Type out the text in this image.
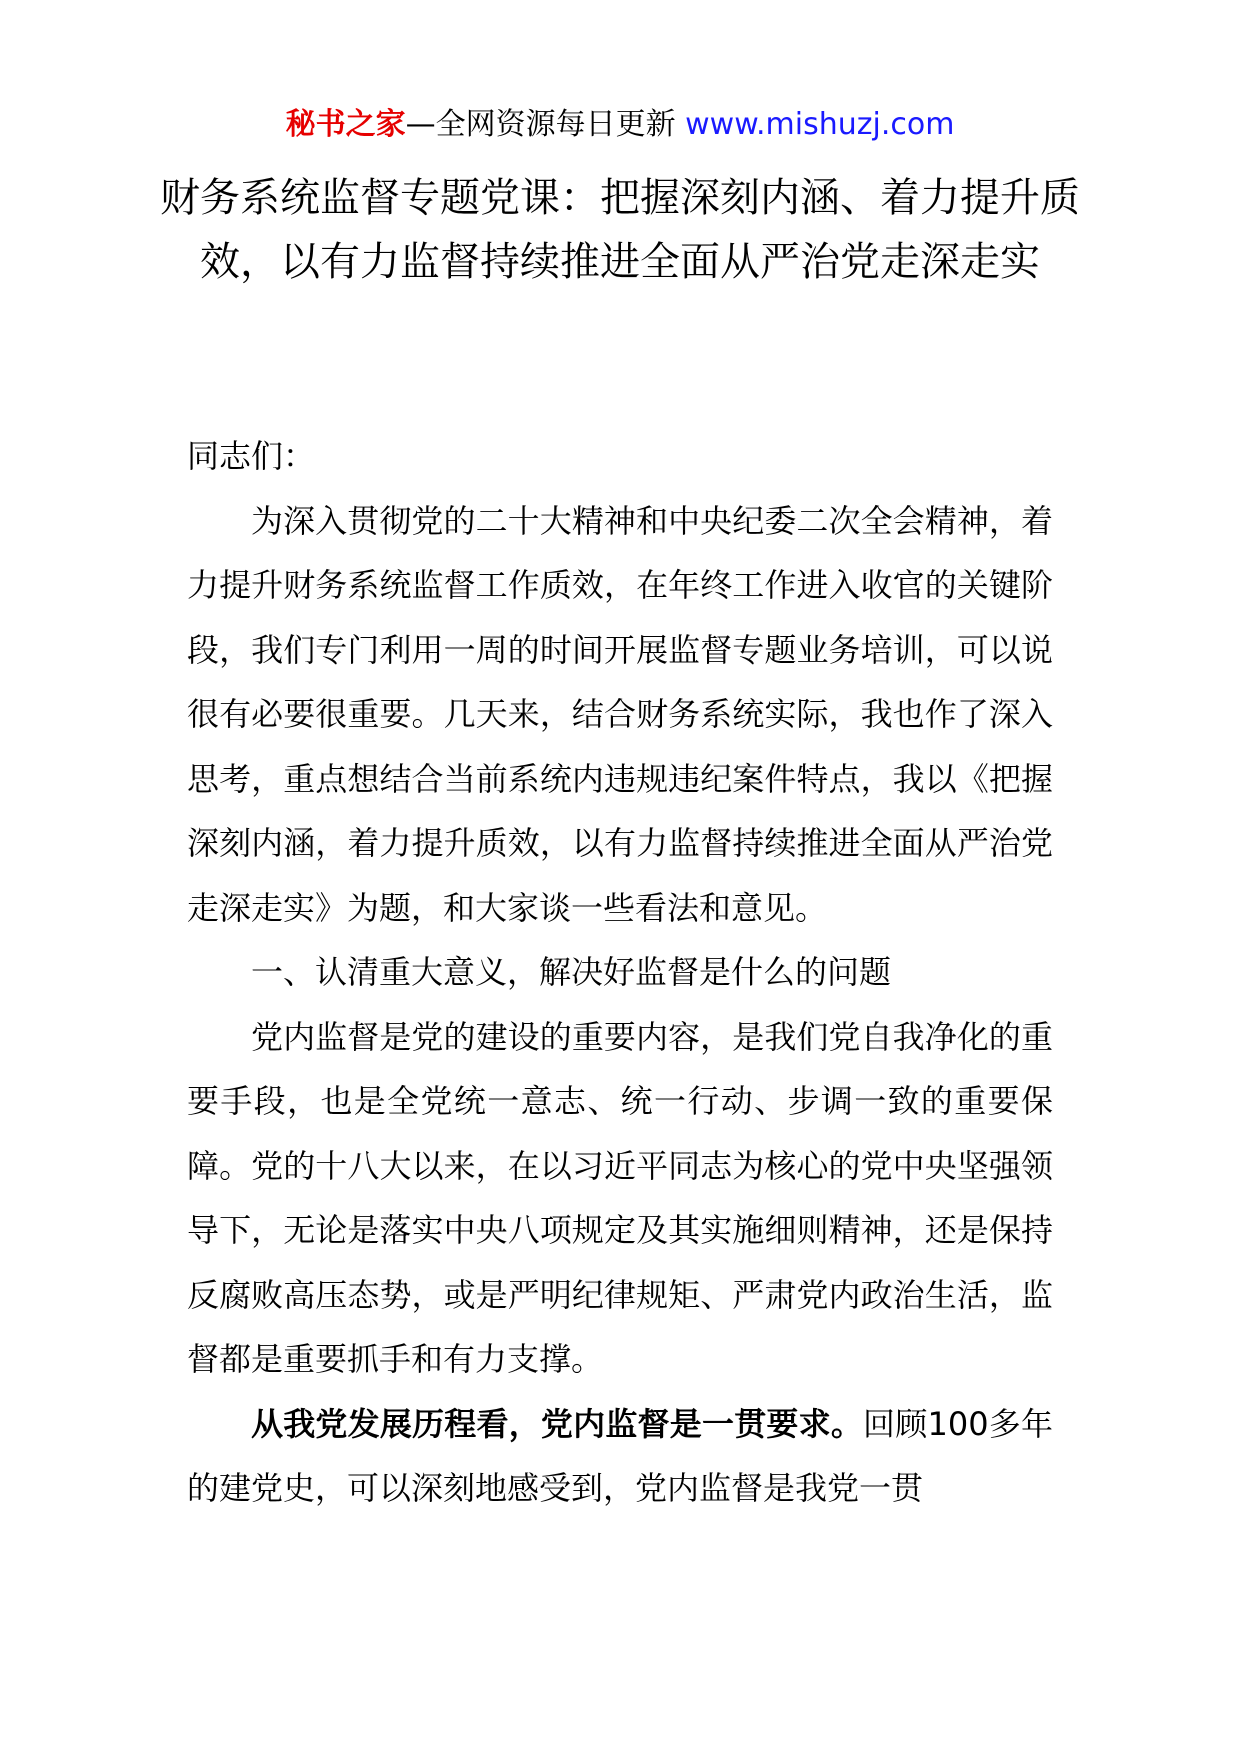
秘书之家—全网资源每日更新 www.mishuzj.com
财务系统监督专题党课：把握深刻内涵、着力提升质效，以有力监督持续推进全面从严治党走深走实

同志们：

为深入贯彻党的二十大精神和中央纪委二次全会精神，着力提升财务系统监督工作质效，在年终工作进入收官的关键阶段，我们专门利用一周的时间开展监督专题业务培训，可以说很有必要很重要。几天来，结合财务系统实际，我也作了深入思考，重点想结合当前系统内违规违纪案件特点，我以《把握深刻内涵，着力提升质效，以有力监督持续推进全面从严治党走深走实》为题，和大家谈一些看法和意见。

一、认清重大意义，解决好监督是什么的问题

党内监督是党的建设的重要内容，是我们党自我净化的重要手段，也是全党统一意志、统一行动、步调一致的重要保障。党的十八大以来，在以习近平同志为核心的党中央坚强领导下，无论是落实中央八项规定及其实施细则精神，还是保持反腐败高压态势，或是严明纪律规矩、严肃党内政治生活，监督都是重要抓手和有力支撑。

从我党发展历程看，党内监督是一贯要求。回顾100多年的建党史，可以深刻地感受到，党内监督是我党一贯
